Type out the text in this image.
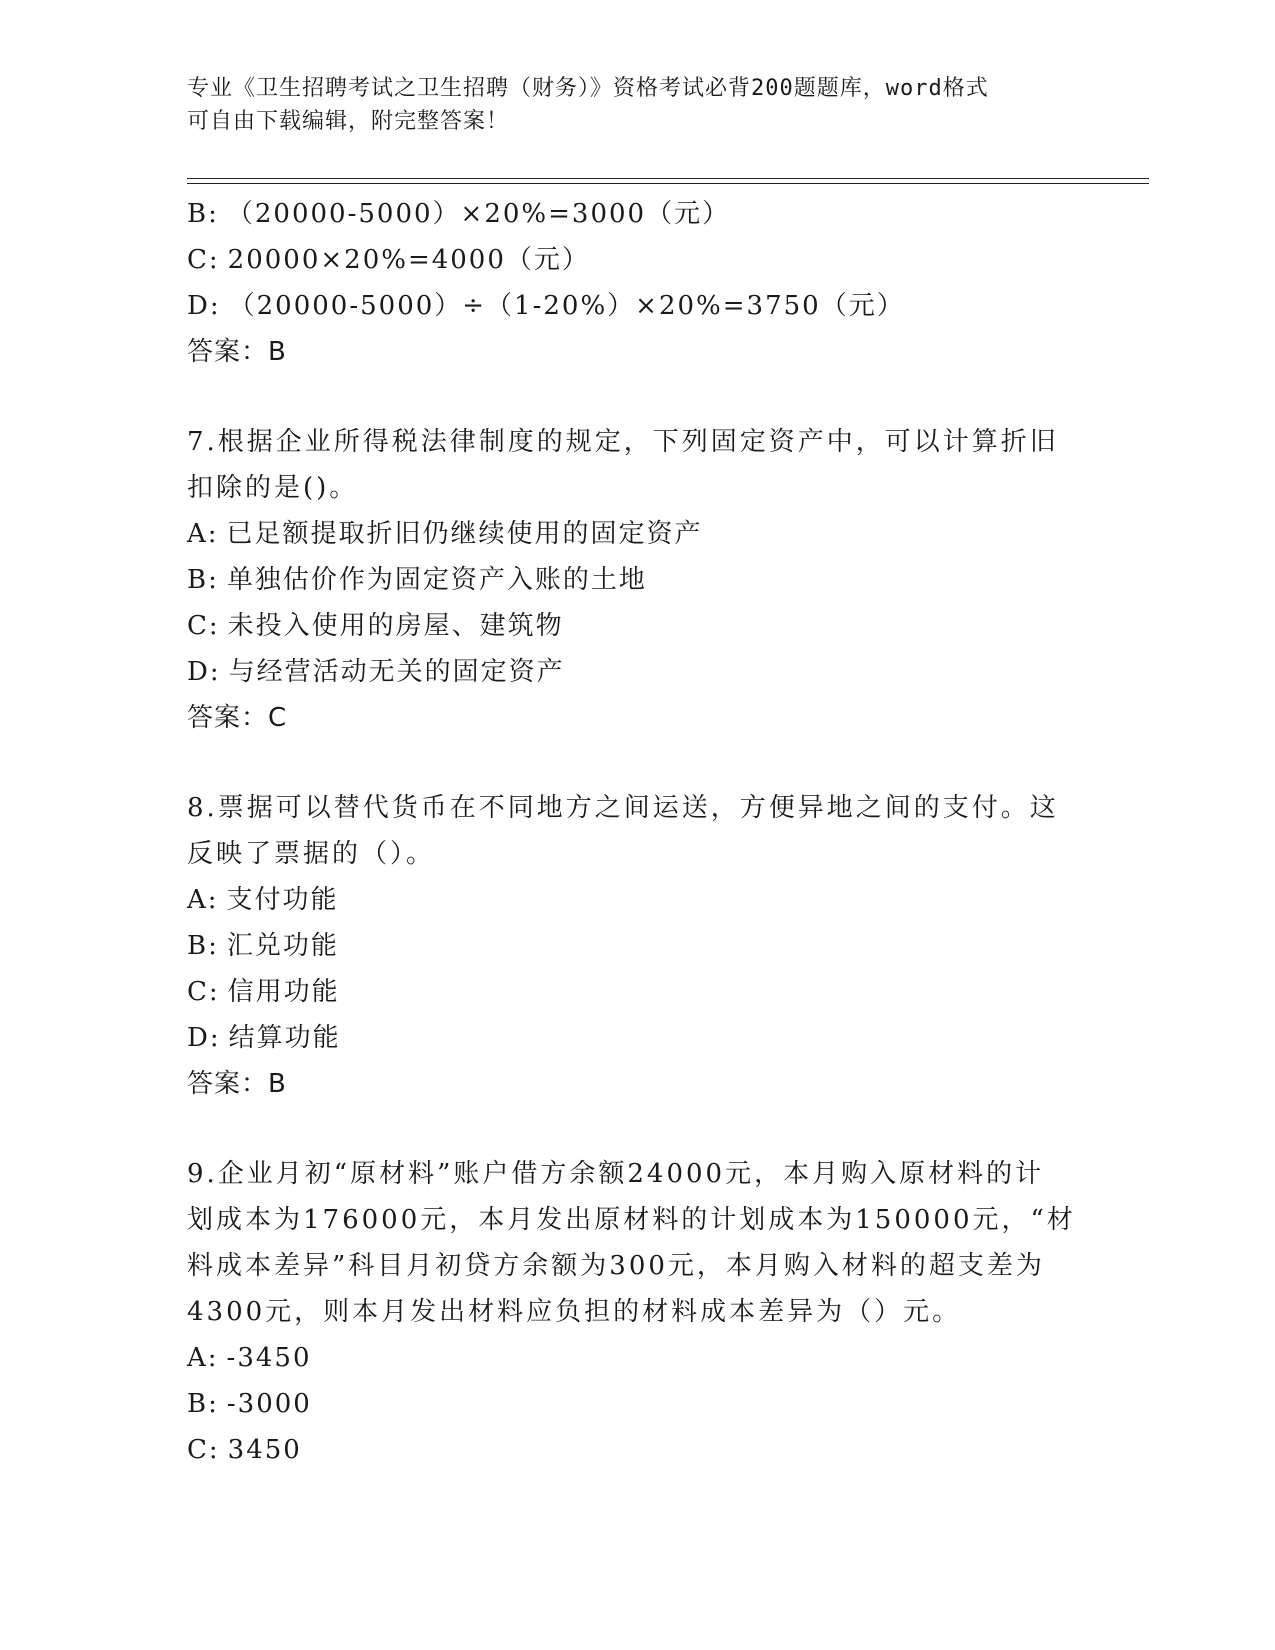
专业《卫生招聘考试之卫生招聘（财务）》资格考试必背200题题库，word格式
可自由下载编辑，附完整答案！
B: （20000-5000）×20%=3000（元）
C: 20000×20%=4000（元）
D: （20000-5000）÷（1-20%）×20%=3750（元）
答案：B
7.根据企业所得税法律制度的规定，下列固定资产中，可以计算折旧
扣除的是()。
A: 已足额提取折旧仍继续使用的固定资产
B: 单独估价作为固定资产入账的土地
C: 未投入使用的房屋、建筑物
D: 与经营活动无关的固定资产
答案：C
8.票据可以替代货币在不同地方之间运送，方便异地之间的支付。这
反映了票据的（）。
A: 支付功能
B: 汇兑功能
C: 信用功能
D: 结算功能
答案：B
9.企业月初“原材料”账户借方余额24000元，本月购入原材料的计
划成本为176000元，本月发出原材料的计划成本为150000元，“材
料成本差异”科目月初贷方余额为300元，本月购入材料的超支差为
4300元，则本月发出材料应负担的材料成本差异为（）元。
A: -3450
B: -3000
C: 3450
